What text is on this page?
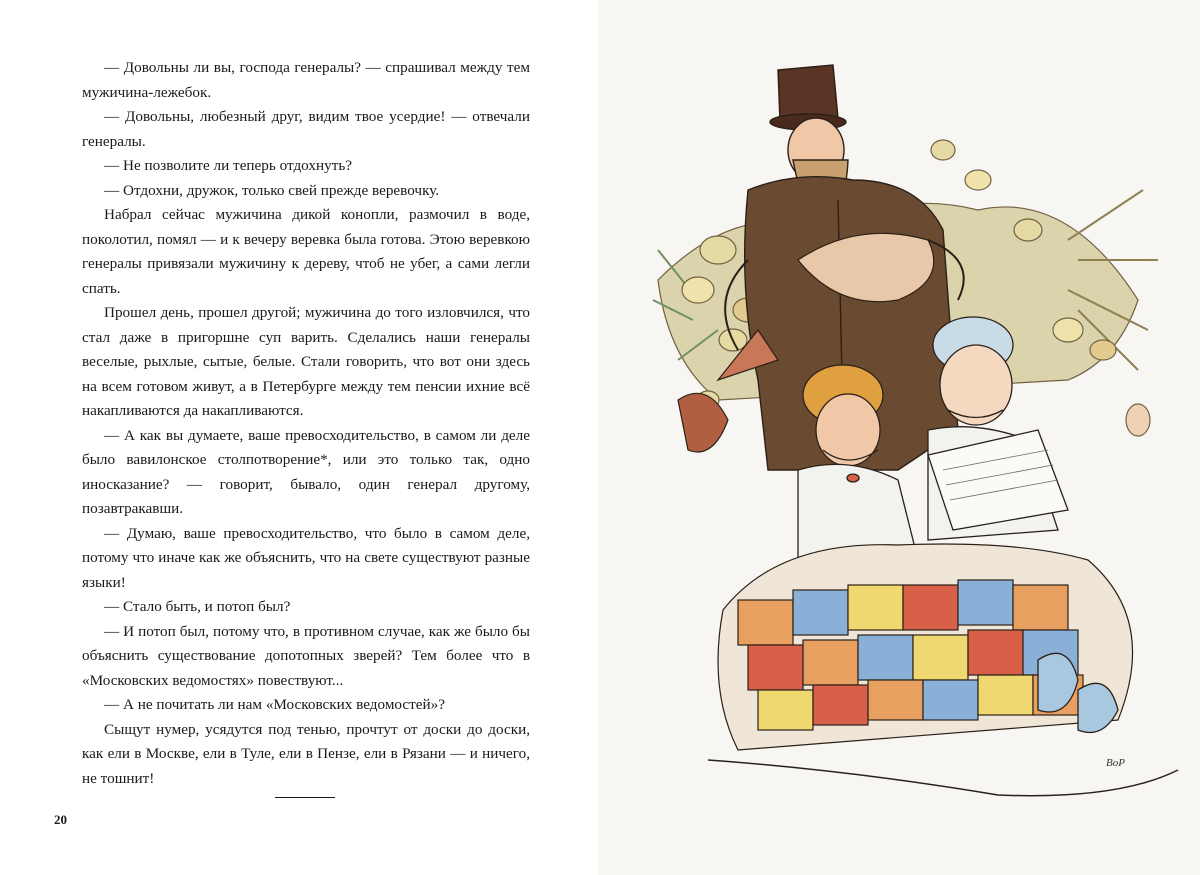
— Довольны ли вы, господа генералы? — спрашивал между тем мужичина-лежебок.

— Довольны, любезный друг, видим твое усердие! — отвечали генералы.

— Не позволите ли теперь отдохнуть?

— Отдохни, дружок, только свей прежде веревочку.

Набрал сейчас мужичина дикой конопли, размочил в воде, поколотил, помял — и к вечеру веревка была готова. Этою веревкою генералы привязали мужичину к дереву, чтоб не убег, а сами легли спать.

Прошел день, прошел другой; мужичина до того изловчился, что стал даже в пригоршне суп варить. Сделались наши генералы веселые, рыхлые, сытые, белые. Стали говорить, что вот они здесь на всем готовом живут, а в Петербурге между тем пенсии ихние всё накапливаются да накапливаются.

— А как вы думаете, ваше превосходительство, в самом ли деле было вавилонское столпотворение*, или это только так, одно иносказание? — говорит, бывало, один генерал другому, позавтракавши.

— Думаю, ваше превосходительство, что было в самом деле, потому что иначе как же объяснить, что на свете существуют разные языки!

— Стало быть, и потоп был?

— И потоп был, потому что, в противном случае, как же было бы объяснить существование допотопных зверей? Тем более что в «Московских ведомостях» повествуют...

— А не почитать ли нам «Московских ведомостей»?

Сыщут нумер, усядутся под тенью, прочтут от доски до доски, как ели в Москве, ели в Туле, ели в Пензе, ели в Рязани — и ничего, не тошнит!

20
ВоР
